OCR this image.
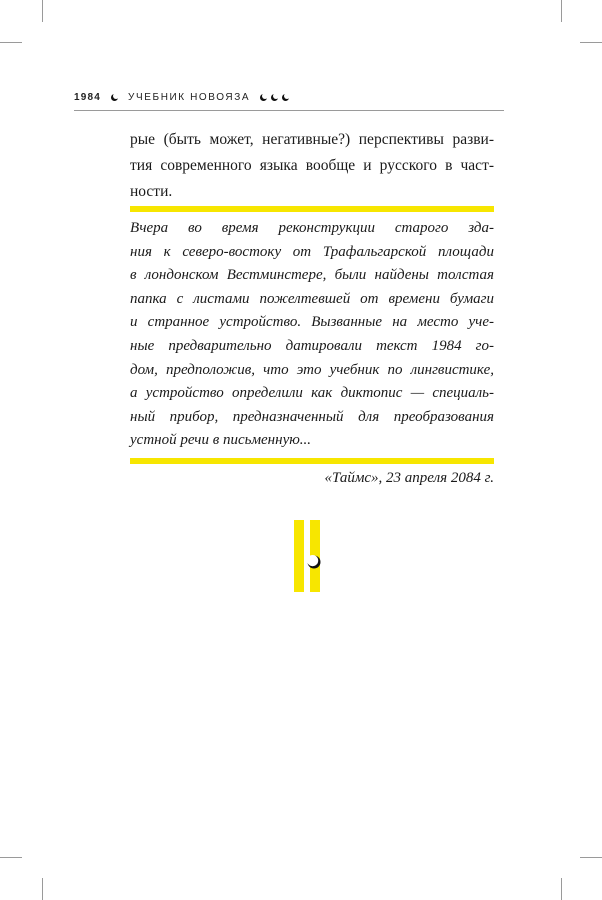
1984	УЧЕБНИК НОВОЯЗА
рые (быть может, негативные?) перспективы разви-
тия современного языка вообще и русского в част-
ности.
Вчера во время реконструкции старого зда-
ния к северо-востоку от Трафальгарской площади
в лондонском Вестминстере, были найдены толстая
папка с листами пожелтевшей от времени бумаги
и странное устройство. Вызванные на место уче-
ные предварительно датировали текст 1984 го-
дом, предположив, что это учебник по лингвистике,
а устройство определили как диктопис — специаль-
ный прибор, предназначенный для преобразования
устной речи в письменную...
«Таймс», 23 апреля 2084 г.
